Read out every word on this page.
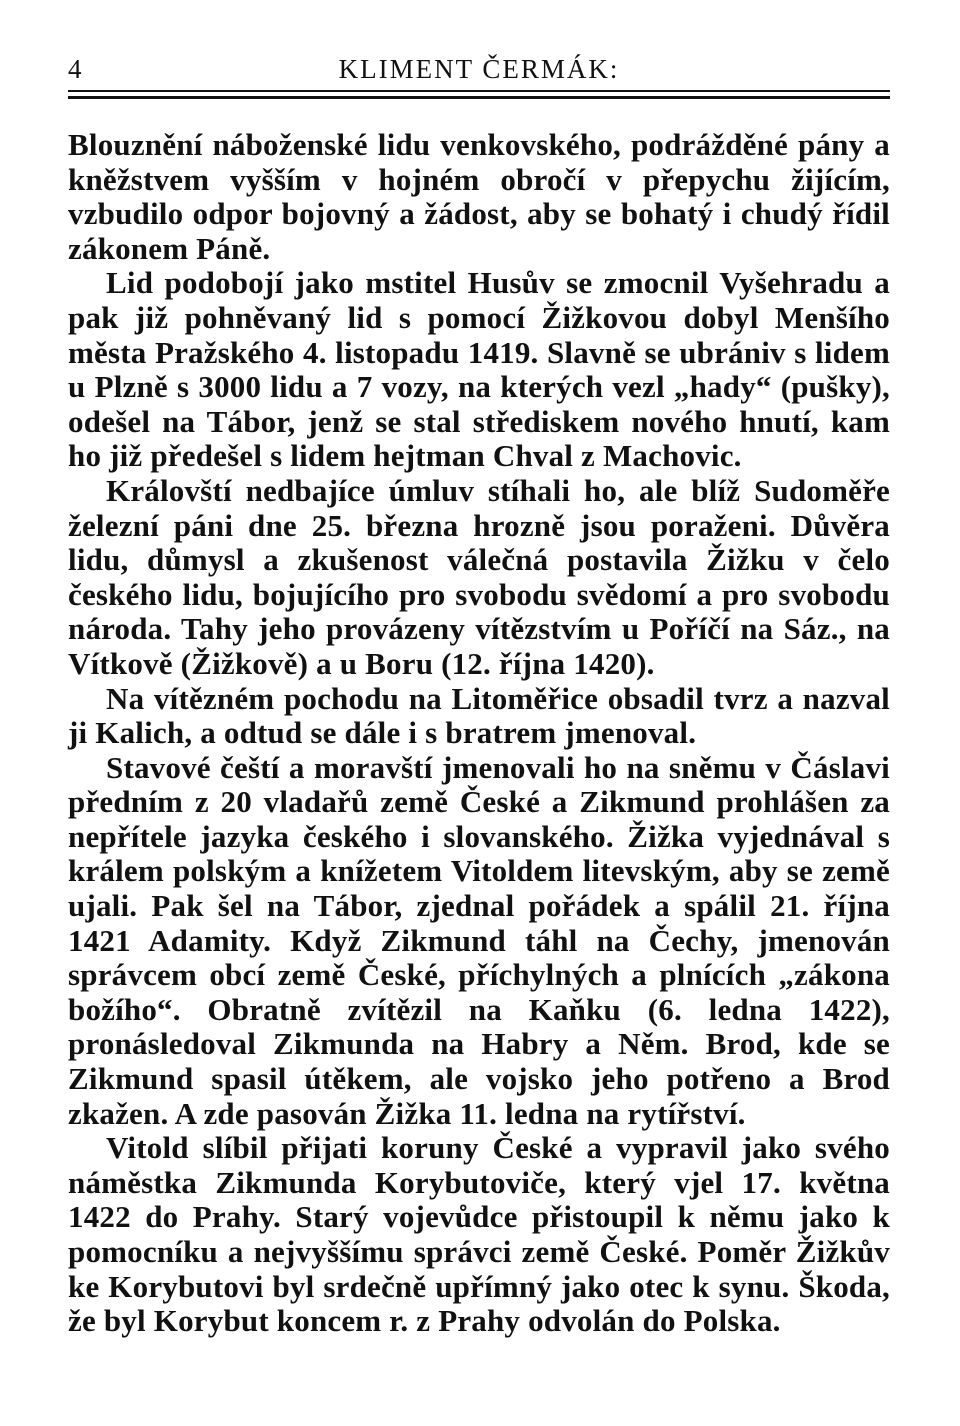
4	KLIMENT ČERMÁK:

Blouznění náboženské lidu venkovského, podrážděné pány a kněžstvem vyšším v hojném obročí v přepychu žijícím, vzbudilo odpor bojovný a žádost, aby se bohatý i chudý řídil zákonem Páně.

Lid podobojí jako mstitel Husův se zmocnil Vyšehradu a pak již pohněvaný lid s pomocí Žižkovou dobyl Menšího města Pražského 4. listopadu 1419. Slavně se ubrániv s lidem u Plzně s 3000 lidu a 7 vozy, na kterých vezl „hady“ (pušky), odešel na Tábor, jenž se stal střediskem nového hnutí, kam ho již předešel s lidem hejtman Chval z Machovic.

Královští nedbajíce úmluv stíhali ho, ale blíž Sudoměře železní páni dne 25. března hrozně jsou poraženi. Důvěra lidu, důmysl a zkušenost válečná postavila Žižku v čelo českého lidu, bojujícího pro svobodu svědomí a pro svobodu národa. Tahy jeho provázeny vítězstvím u Poříčí na Sáz., na Vítkově (Žižkově) a u Boru (12. října 1420).

Na vítězném pochodu na Litoměřice obsadil tvrz a nazval ji Kalich, a odtud se dále i s bratrem jmenoval.

Stavové čeští a moravští jmenovali ho na sněmu v Čáslavi předním z 20 vladařů země České a Zikmund prohlášen za nepřítele jazyka českého i slovanského. Žižka vyjednával s králem polským a knížetem Vitoldem litevským, aby se země ujali. Pak šel na Tábor, zjednal pořádek a spálil 21. října 1421 Adamity. Když Zikmund táhl na Čechy, jmenován správcem obcí země České, příchylných a plnících „zákona božího“. Obratně zvítězil na Kaňku (6. ledna 1422), pronásledoval Zikmunda na Habry a Něm. Brod, kde se Zikmund spasil útěkem, ale vojsko jeho potřeno a Brod zkažen. A zde pasován Žižka 11. ledna na rytířství.

Vitold slíbil přijati koruny České a vypravil jako svého náměstka Zikmunda Korybutoviče, který vjel 17. května 1422 do Prahy. Starý vojevůdce přistoupil k němu jako k pomocníku a nejvyššímu správci země České. Poměr Žižkův ke Korybutovi byl srdečně upřímný jako otec k synu. Škoda, že byl Korybut koncem r. z Prahy odvolán do Polska.
